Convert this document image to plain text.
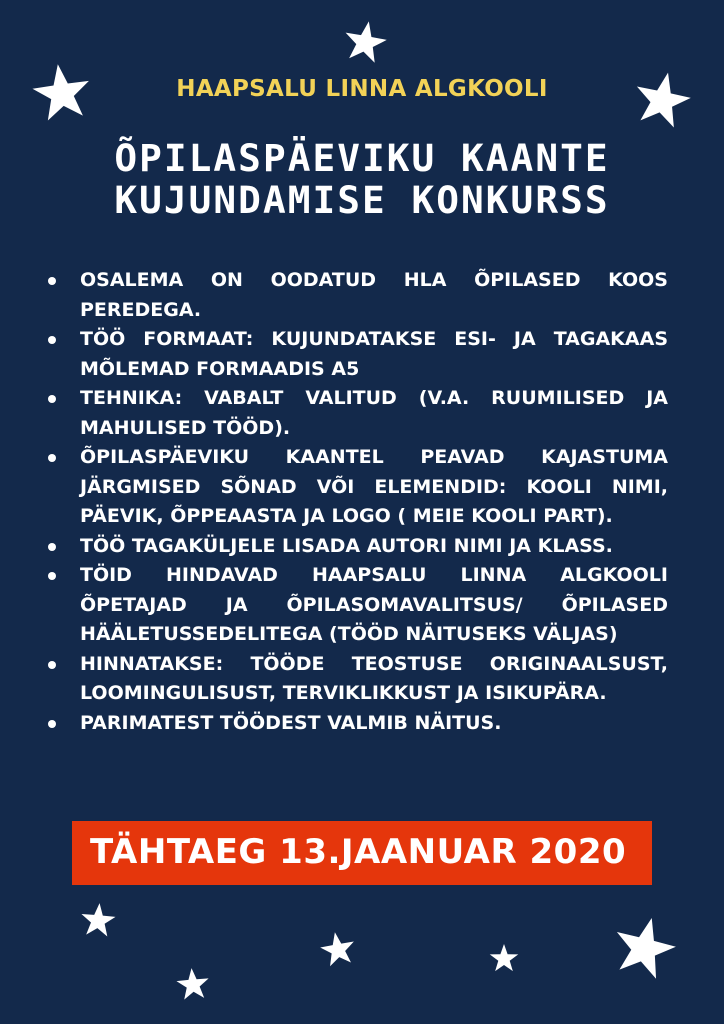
HAAPSALU LINNA ALGKOOLI
ÕPILASPÄEVIKU KAANTE
KUJUNDAMISE KONKURSS
OSALEMA ON OODATUD HLA ÕPILASED KOOS PEREDEGA.
TÖÖ FORMAAT: KUJUNDATAKSE ESI- JA TAGAKAAS MÕLEMAD FORMAADIS A5
TEHNIKA: VABALT VALITUD (V.A. RUUMILISED JA MAHULISED TÖÖD).
ÕPILASPÄEVIKU KAANTEL PEAVAD KAJASTUMA JÄRGMISED SÕNAD VÕI ELEMENDID: KOOLI NIMI, PÄEVIK, ÕPPEAASTA JA LOGO ( MEIE KOOLI PART).
TÖÖ TAGAKÜLJELE LISADA AUTORI NIMI JA KLASS.
TÖID HINDAVAD HAAPSALU LINNA ALGKOOLI ÕPETAJAD JA ÕPILASOMAVALITSUS/ ÕPILASED HÄÄLETUSSEDELITEGA (TÖÖD NÄITUSEKS VÄLJAS)
HINNATAKSE: TÖÖDE TEOSTUSE ORIGINAALSUST, LOOMINGULISUST, TERVIKLIKKUST JA ISIKUPÄRA.
PARIMATEST TÖÖDEST VALMIB NÄITUS.
TÄHTAEG 13.JAANUAR 2020
